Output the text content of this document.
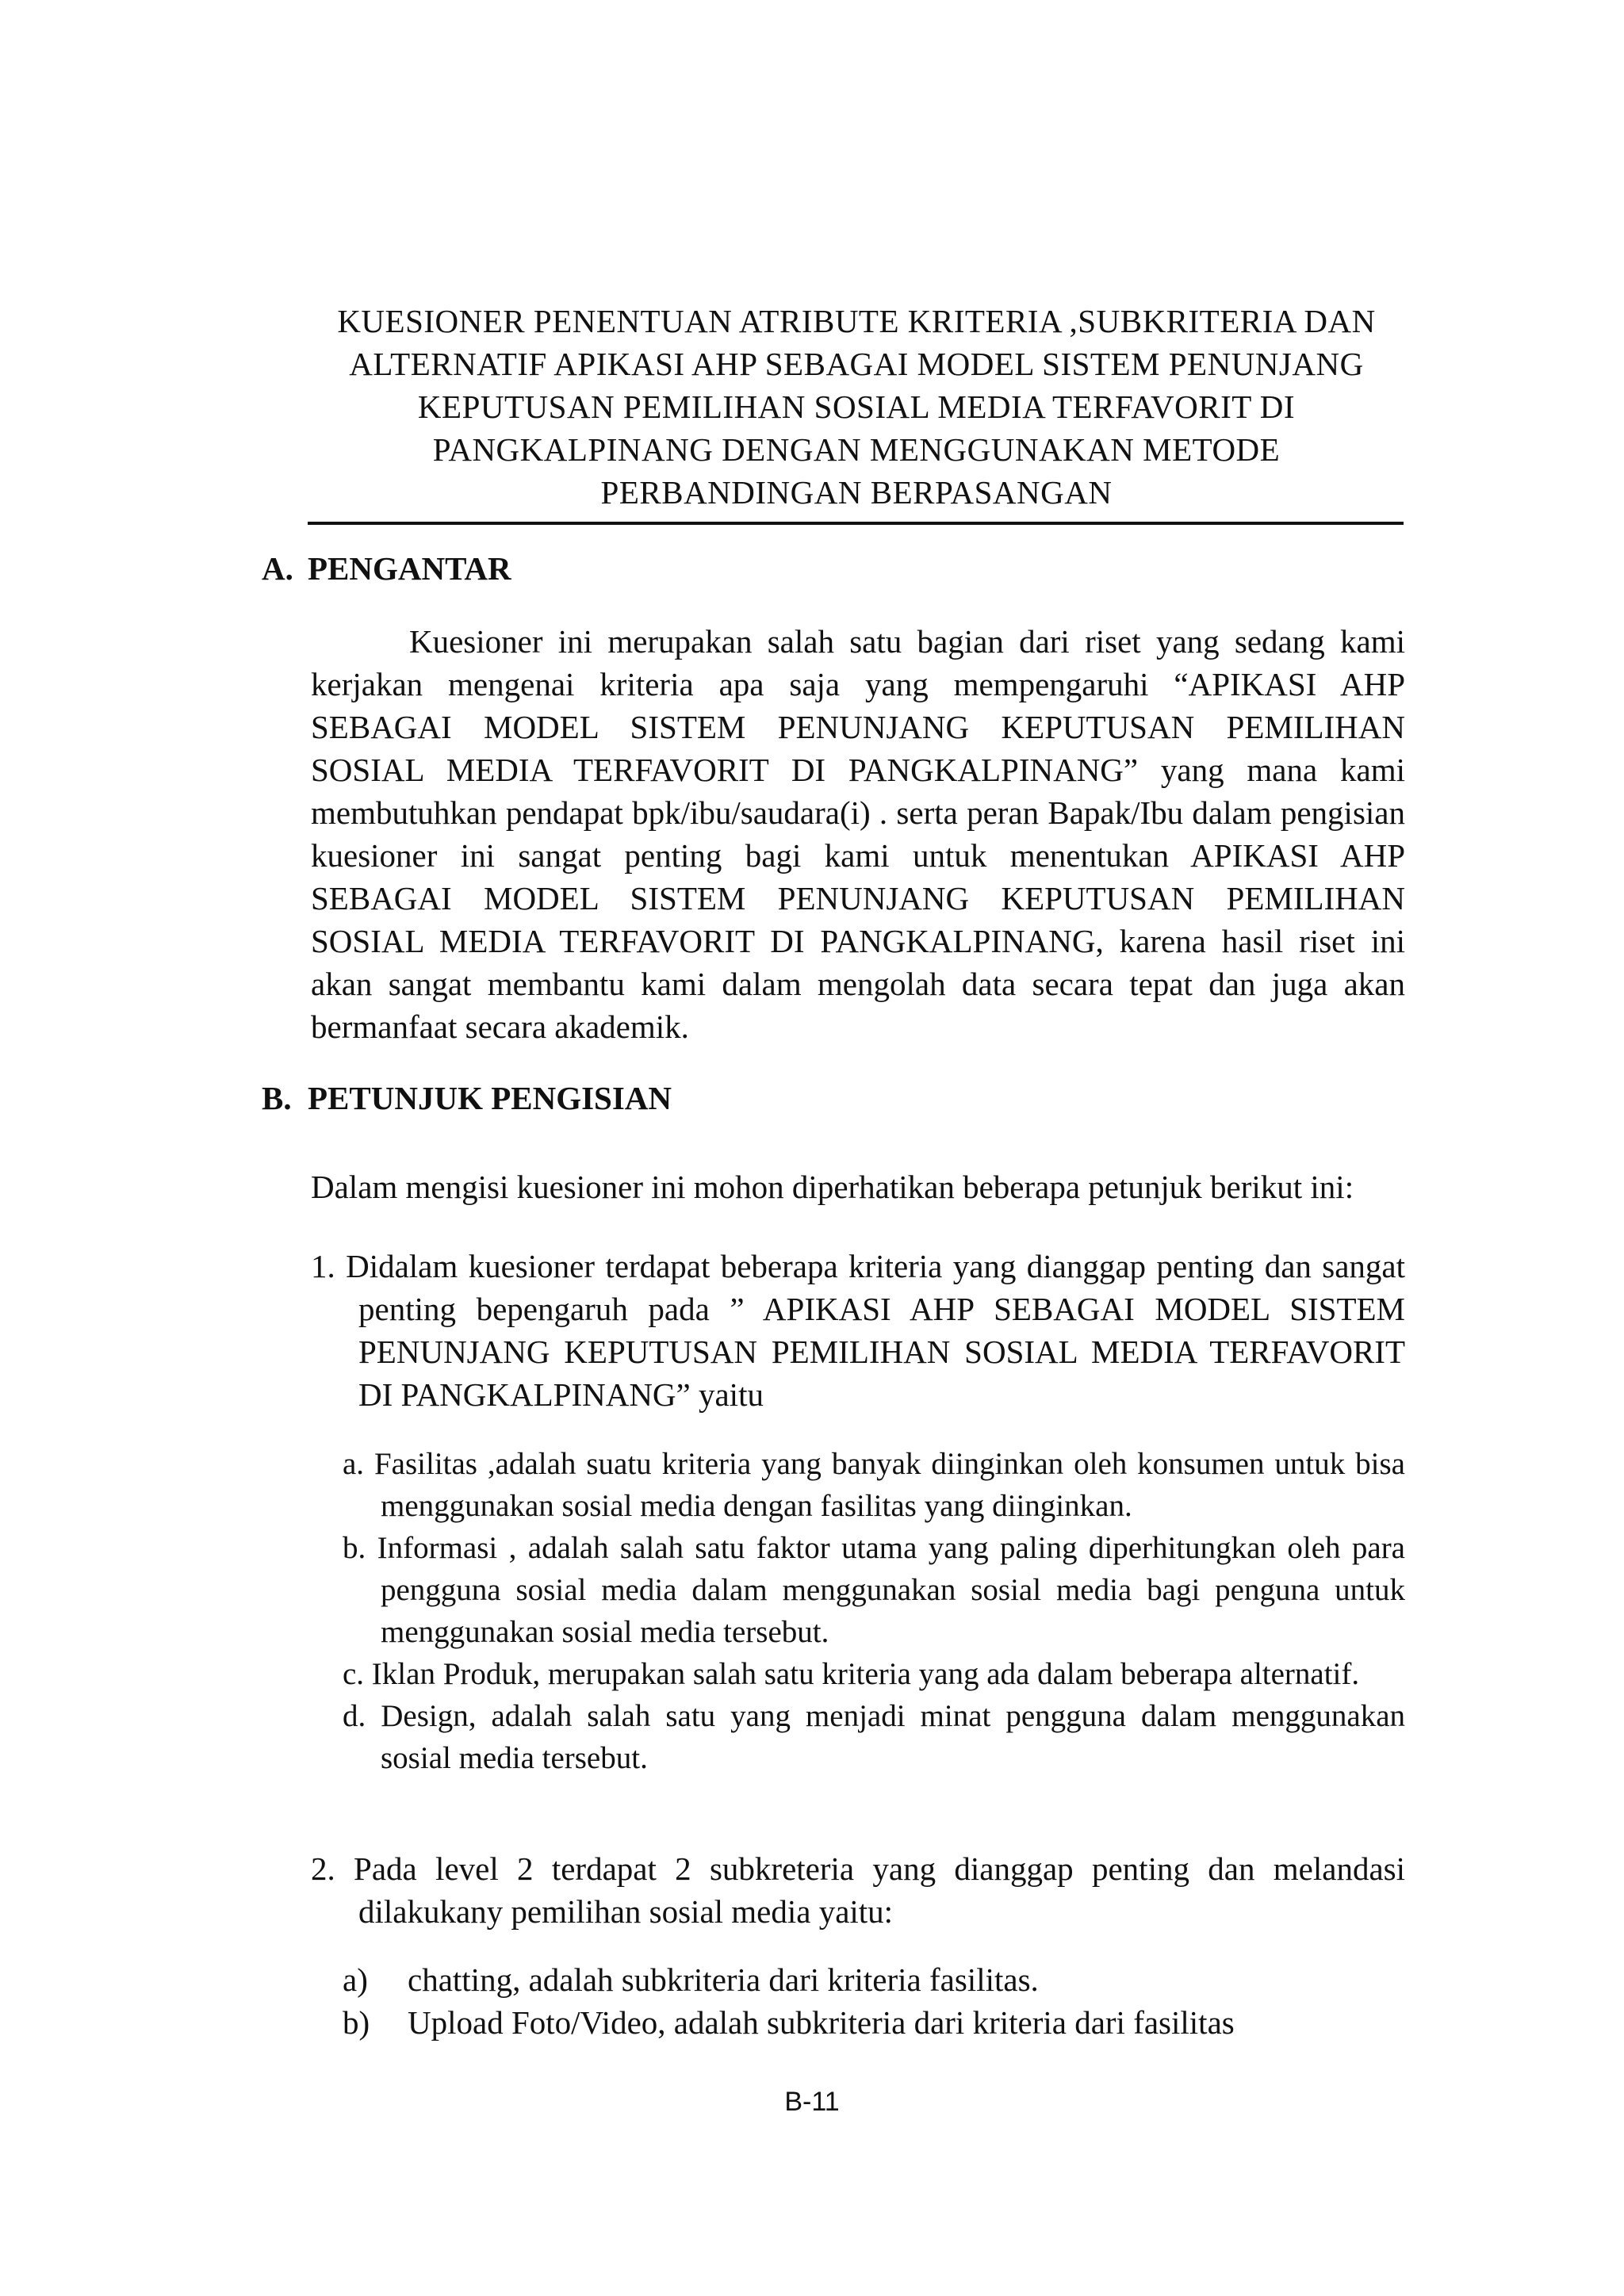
KUESIONER PENENTUAN ATRIBUTE KRITERIA ,SUBKRITERIA DAN
ALTERNATIF APIKASI AHP SEBAGAI MODEL SISTEM PENUNJANG
KEPUTUSAN PEMILIHAN SOSIAL MEDIA TERFAVORIT DI
PANGKALPINANG DENGAN MENGGUNAKAN METODE
PERBANDINGAN BERPASANGAN
A. PENGANTAR
Kuesioner ini merupakan salah satu bagian dari riset yang sedang kami kerjakan mengenai kriteria apa saja yang mempengaruhi “APIKASI AHP SEBAGAI MODEL SISTEM PENUNJANG KEPUTUSAN PEMILIHAN SOSIAL MEDIA TERFAVORIT DI PANGKALPINANG” yang mana kami membutuhkan pendapat bpk/ibu/saudara(i) . serta peran Bapak/Ibu dalam pengisian kuesioner ini sangat penting bagi kami untuk menentukan APIKASI AHP SEBAGAI MODEL SISTEM PENUNJANG KEPUTUSAN PEMILIHAN SOSIAL MEDIA TERFAVORIT DI PANGKALPINANG, karena hasil riset ini akan sangat membantu kami dalam mengolah data secara tepat dan juga akan bermanfaat secara akademik.
B. PETUNJUK PENGISIAN
Dalam mengisi kuesioner ini mohon diperhatikan beberapa petunjuk berikut ini:
1. Didalam kuesioner terdapat beberapa kriteria yang dianggap penting dan sangat penting bepengaruh pada ” APIKASI AHP SEBAGAI MODEL SISTEM PENUNJANG KEPUTUSAN PEMILIHAN SOSIAL MEDIA TERFAVORIT DI PANGKALPINANG” yaitu

a. Fasilitas ,adalah suatu kriteria yang banyak diinginkan oleh konsumen untuk bisa menggunakan sosial media dengan fasilitas yang diinginkan.

b. Informasi , adalah salah satu faktor utama yang paling diperhitungkan oleh para pengguna sosial media dalam menggunakan sosial media bagi penguna untuk menggunakan sosial media tersebut.

c. Iklan Produk, merupakan salah satu kriteria yang ada dalam beberapa alternatif.

d. Design, adalah salah satu yang menjadi minat pengguna dalam menggunakan sosial media tersebut.

2. Pada level 2 terdapat 2 subkreteria yang dianggap penting dan melandasi dilakukany pemilihan sosial media yaitu:
a) chatting, adalah subkriteria dari kriteria fasilitas.
b) Upload Foto/Video, adalah subkriteria dari kriteria dari fasilitas
B-11
